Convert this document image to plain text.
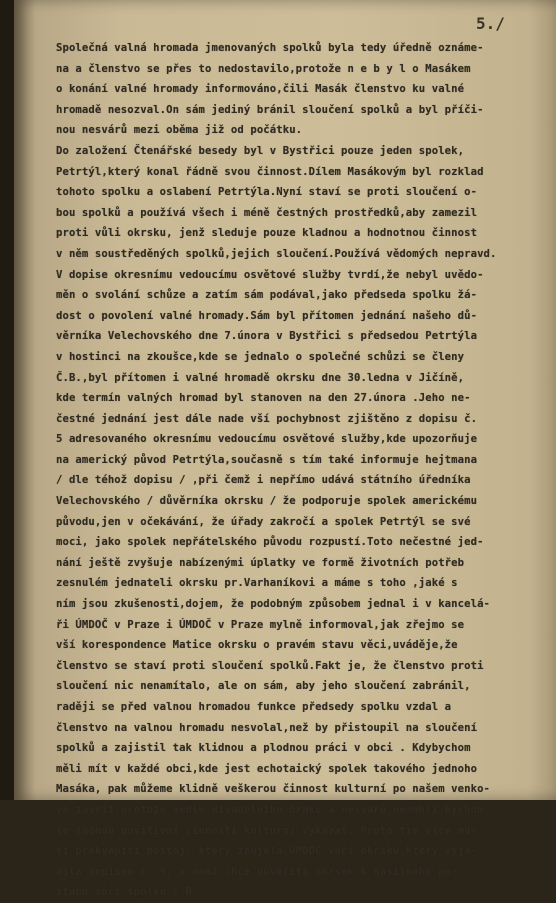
5./
Společná valná hromada jmenovaných spolků byla tedy úředně oznáme-
na a členstvo se přes to nedostavilo,protože n e b y l o Masákem
o konání valné hromady informováno,čili Masák členstvo ku valné
hromadě nesozval.On sám jediný bránil sloučení spolků a byl příči-
nou nesvárů mezi oběma již od počátku.
Do založení Čtenářské besedy byl v Bystřici pouze jeden spolek,
Petrtýl,který konal řádně svou činnost.Dílem Masákovým byl rozklad
tohoto spolku a oslabení Petrtýla.Nyní staví se proti sloučení o-
bou spolků a používá všech i méně čestných prostředků,aby zamezil
proti vůli okrsku, jenž sleduje pouze kladnou a hodnotnou činnost
v něm soustředěných spolků,jejich sloučení.Používá vědomých nepravd.
V dopise okresnímu vedoucímu osvětové služby tvrdí,že nebyl uvědo-
měn o svolání schůze a zatím sám podával,jako předseda spolku žá-
dost o povolení valné hromady.Sám byl přítomen jednání našeho dů-
věrníka Velechovského dne 7.února v Bystřici s předsedou Petrtýla
v hostinci na zkoušce,kde se jednalo o společné schůzi se členy
Č.B.,byl přítomen i valné hromadě okrsku dne 30.ledna v Jičíně,
kde termín valných hromad byl stanoven na den 27.února .Jeho ne-
čestné jednání jest dále nade vší pochybnost zjištěno z dopisu č.
5 adresovaného okresnímu vedoucímu osvětové služby,kde upozorňuje
na americký původ Petrtýla,současně s tím také informuje hejtmana
/ dle téhož dopisu / ,při čemž i nepřímo udává státního úředníka
Velechovského / důvěrníka okrsku / že podporuje spolek americkému
původu,jen v očekávání, že úřady zakročí a spolek Petrtýl se své
moci, jako spolek nepřátelského původu rozpustí.Toto nečestné jed-
nání ještě zvyšuje nabízenými úplatky ve formě životních potřeb
zesnulém jednateli okrsku pr.Varhaníkovi a máme s toho ,jaké s
ním jsou zkušenosti,dojem, že podobným způsobem jednal i v kancelá-
ři ÚMDOČ v Praze i ÚMDOČ v Praze mylně informoval,jak zřejmo se
vší korespondence Matice okrsku o pravém stavu věci,uváděje,že
členstvo se staví proti sloučení spolků.Fakt je, že členstvo proti
sloučení nic nenamítalo, ale on sám, aby jeho sloučení zabránil,
raději se před valnou hromadou funkce předsedy spolku vzdal a
členstvo na valnou hromadu nesvolal,než by přistoupil na sloučení
spolků a zajistil tak klidnou a plodnou práci v obci . Kdybychom
měli mít v každé obci,kde jest echotaický spolek takového jednoho
Masáka, pak můžeme klidně veškerou činnost kulturní po našem venko-
vě zavřít,protože vedle divadelního braku a nesvárů,nemohli bychom
se žádnou positivní činností kulturní vykázat. Proto tím více mu-
sí překvapiti postoj, který zaujala ÚMDOČ vůči okrsku,který vyjá-
dila dopisem č. 9, v němž chce uůvěčiti okrsek k násilného po-
stupu vůči spolku Č.B.
